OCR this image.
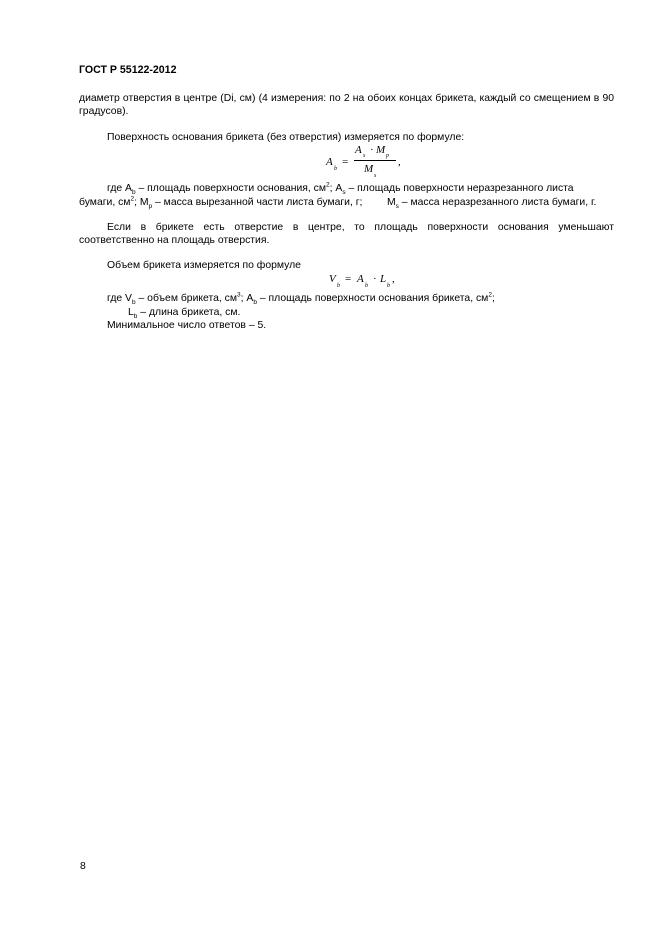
ГОСТ Р 55122-2012
диаметр отверстия в центре (Di, см) (4 измерения: по 2 на обоих концах брикета, каждый со смещением в 90 градусов).
Поверхность основания брикета (без отверстия) измеряется по формуле:
A
b
=
A s · M p
M
s
,
где $A_b$ – площадь поверхности основания, $см^2$; $A_s$ – площадь поверхности неразрезанного листа
бумаги, $см^2$; $M_p$ – масса вырезанной части листа бумаги, г; $M_s$ – масса неразрезанного листа бумаги, г.
Если в брикете есть отверстие в центре, то площадь поверхности основания уменьшают соответственно на площадь отверстия.
Объем брикета измеряется по формуле
V
b
= A
b
· L
b
,
где $V_b$ – объем брикета, $см^3$; $A_b$ – площадь поверхности основания брикета, $см^2$;
$L_b$ – длина брикета, см.
Минимальное число ответов – 5.
8
